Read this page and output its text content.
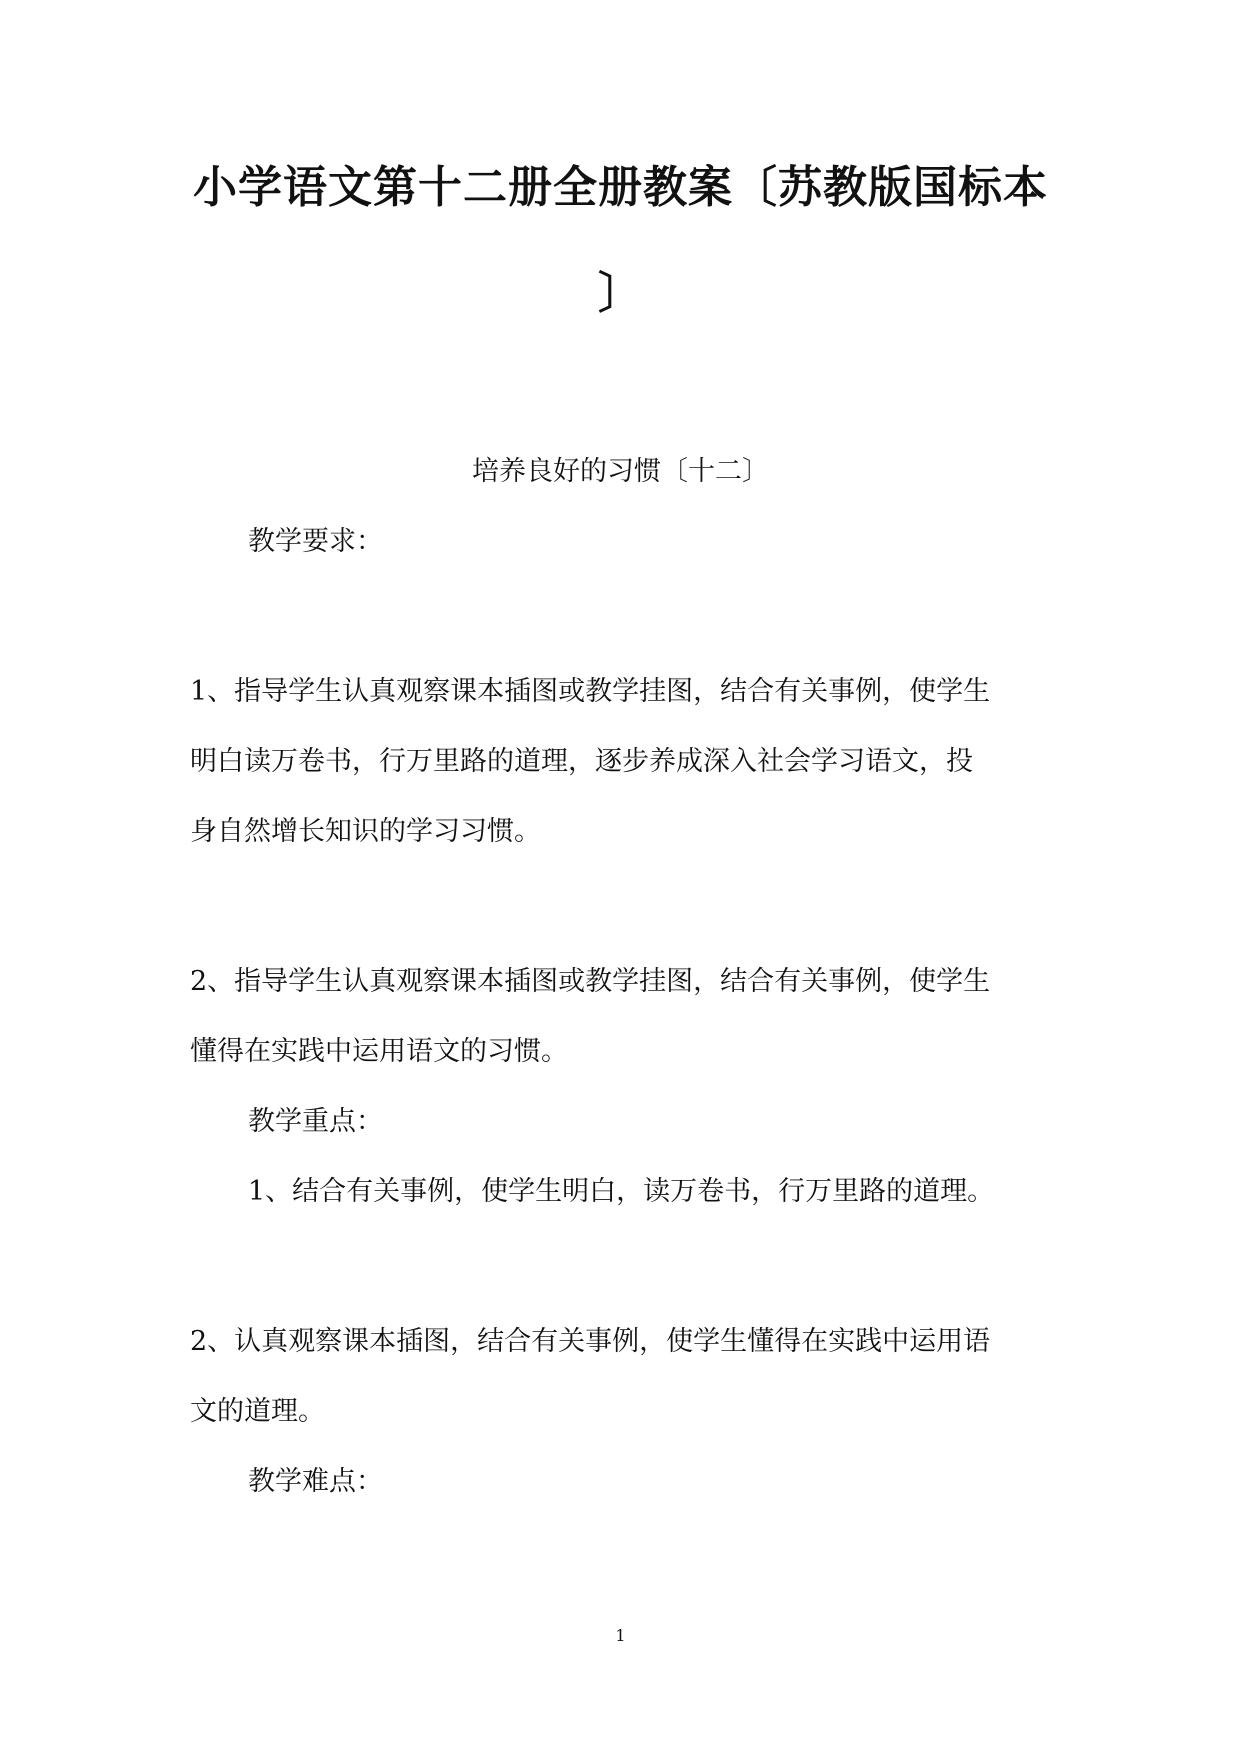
小学语文第十二册全册教案〔苏教版国标本
〕
培养良好的习惯〔十二〕
教学要求：
1、指导学生认真观察课本插图或教学挂图，结合有关事例，使学生
明白读万卷书，行万里路的道理，逐步养成深入社会学习语文，投
身自然增长知识的学习习惯。
2、指导学生认真观察课本插图或教学挂图，结合有关事例，使学生
懂得在实践中运用语文的习惯。
教学重点：
1、结合有关事例，使学生明白，读万卷书，行万里路的道理。
2、认真观察课本插图，结合有关事例，使学生懂得在实践中运用语
文的道理。
教学难点：
1
